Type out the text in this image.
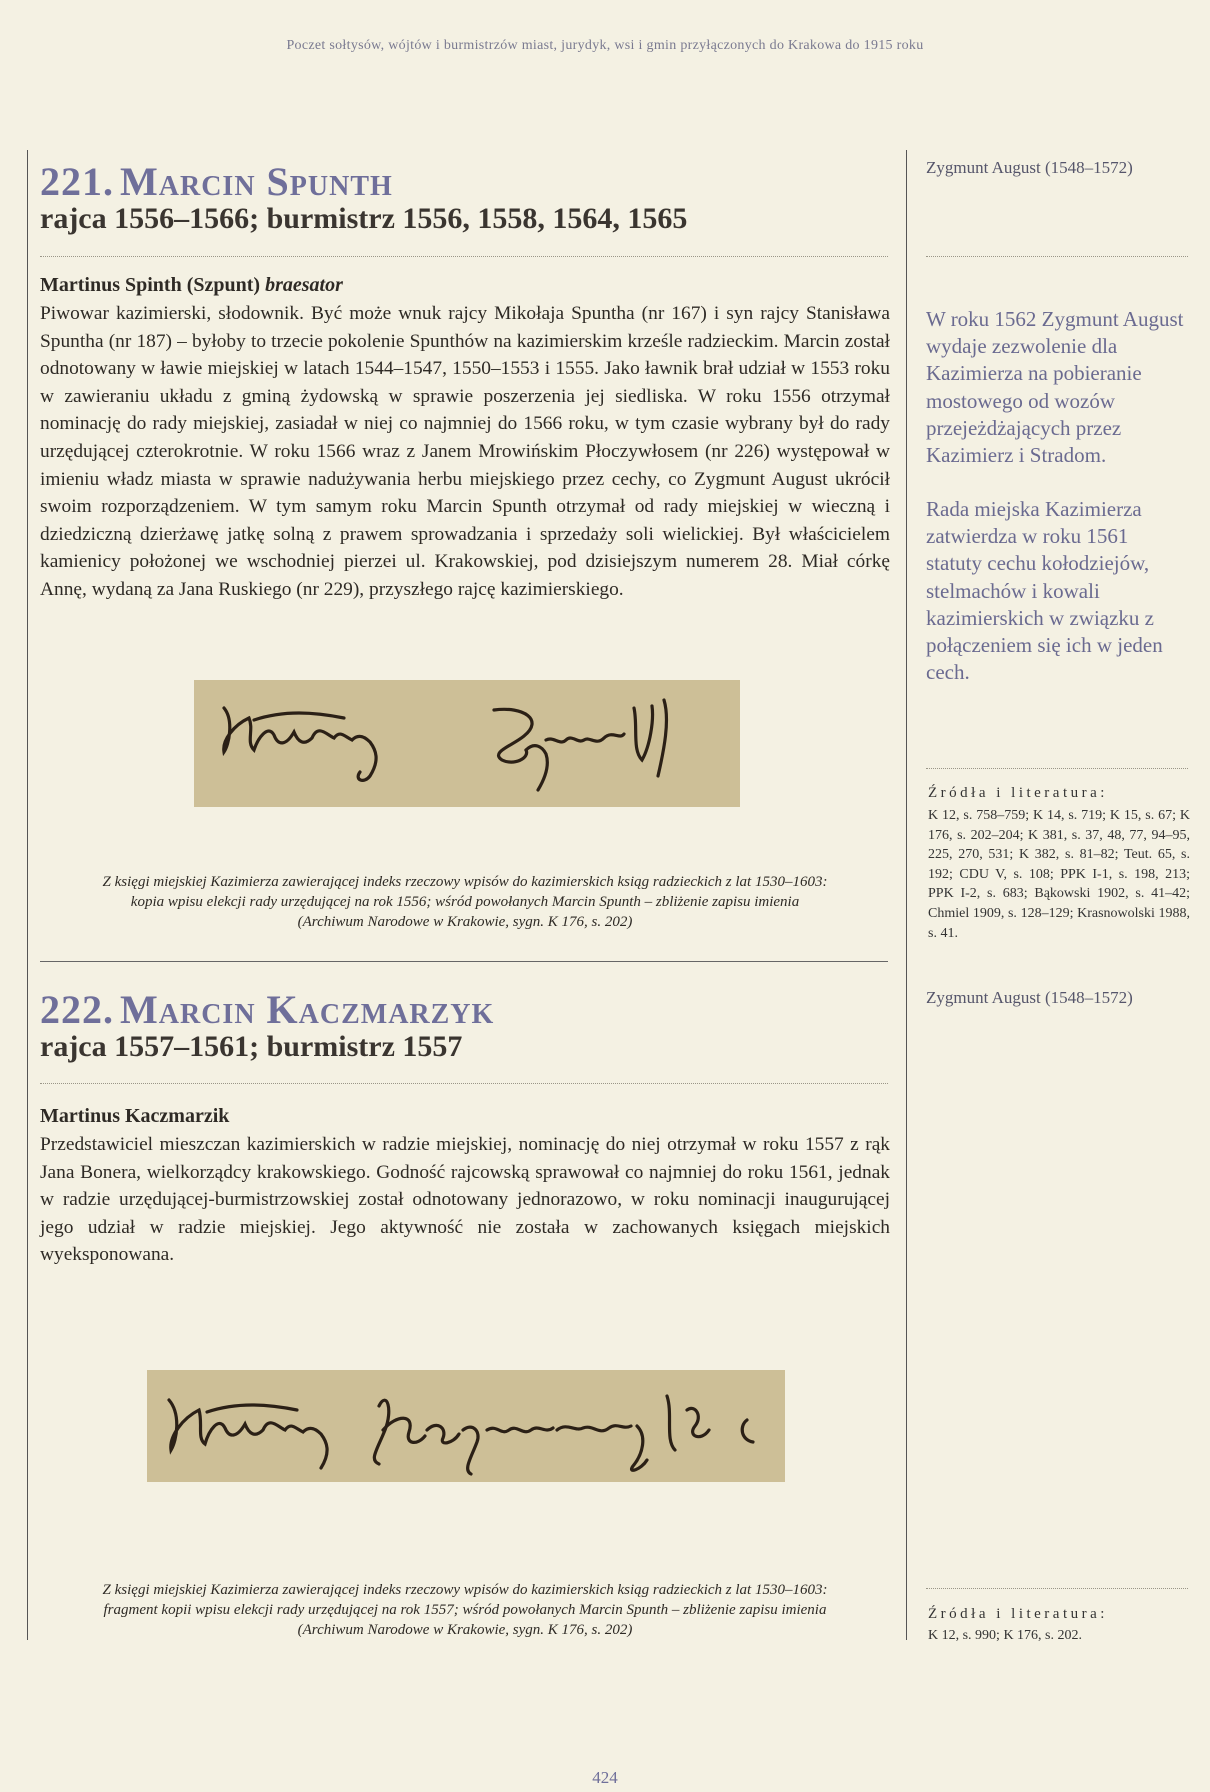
Poczet sołtysów, wójtów i burmistrzów miast, jurydyk, wsi i gmin przyłączonych do Krakowa do 1915 roku
221. Marcin Spunth
rajca 1556–1566; burmistrz 1556, 1558, 1564, 1565
Martinus Spinth (Szpunt) braesator

Piwowar kazimierski, słodownik. Być może wnuk rajcy Mikołaja Spuntha (nr 167) i syn rajcy Stanisława Spuntha (nr 187) – byłoby to trzecie pokolenie Spunthów na kazimierskim krześle radzieckim. Marcin został odnotowany w ławie miejskiej w latach 1544–1547, 1550–1553 i 1555. Jako ławnik brał udział w 1553 roku w zawieraniu układu z gminą żydowską w sprawie poszerzenia jej siedliska. W roku 1556 otrzymał nominację do rady miejskiej, zasiadał w niej co najmniej do 1566 roku, w tym czasie wybrany był do rady urzędującej czterokrotnie. W roku 1566 wraz z Janem Mrowińskim Płoczywłosem (nr 226) występował w imieniu władz miasta w sprawie nadużywania herbu miejskiego przez cechy, co Zygmunt August ukrócił swoim rozporządzeniem. W tym samym roku Marcin Spunth otrzymał od rady miejskiej w wieczną i dziedziczną dzierżawę jatkę solną z prawem sprowadzania i sprzedaży soli wielickiej. Był właścicielem kamienicy położonej we wschodniej pierzei ul. Krakowskiej, pod dzisiejszym numerem 28. Miał córkę Annę, wydaną za Jana Ruskiego (nr 229), przyszłego rajcę kazimierskiego.

Z księgi miejskiej Kazimierza zawierającej indeks rzeczowy wpisów do kazimierskich ksiąg radzieckich z lat 1530–1603:
kopia wpisu elekcji rady urzędującej na rok 1556; wśród powołanych Marcin Spunth – zbliżenie zapisu imienia
(Archiwum Narodowe w Krakowie, sygn. K 176, s. 202)
Zygmunt August (1548–1572)

W roku 1562 Zygmunt August wydaje zezwolenie dla Kazimierza na pobieranie mostowego od wozów przejeżdżających przez Kazimierz i Stradom.

Rada miejska Kazimierza zatwierdza w roku 1561 statuty cechu kołodziejów, stelmachów i kowali kazimierskich w związku z połączeniem się ich w jeden cech.

Źródła i literatura:

K 12, s. 758–759; K 14, s. 719; K 15, s. 67; K 176, s. 202–204; K 381, s. 37, 48, 77, 94–95, 225, 270, 531; K 382, s. 81–82; Teut. 65, s. 192; CDU V, s. 108; PPK I-1, s. 198, 213; PPK I-2, s. 683; Bąkowski 1902, s. 41–42; Chmiel 1909, s. 128–129; Krasnowolski 1988, s. 41.

222. Marcin Kaczmarzyk
rajca 1557–1561; burmistrz 1557
Martinus Kaczmarzik

Przedstawiciel mieszczan kazimierskich w radzie miejskiej, nominację do niej otrzymał w roku 1557 z rąk Jana Bonera, wielkorządcy krakowskiego. Godność rajcowską sprawował co najmniej do roku 1561, jednak w radzie urzędującej-burmistrzowskiej został odnotowany jednorazowo, w roku nominacji inaugurującej jego udział w radzie miejskiej. Jego aktywność nie została w zachowanych księgach miejskich wyeksponowana.

Z księgi miejskiej Kazimierza zawierającej indeks rzeczowy wpisów do kazimierskich ksiąg radzieckich z lat 1530–1603:
fragment kopii wpisu elekcji rady urzędującej na rok 1557; wśród powołanych Marcin Spunth – zbliżenie zapisu imienia
(Archiwum Narodowe w Krakowie, sygn. K 176, s. 202)
Zygmunt August (1548–1572)
Źródła i literatura:

K 12, s. 990; K 176, s. 202.

424
